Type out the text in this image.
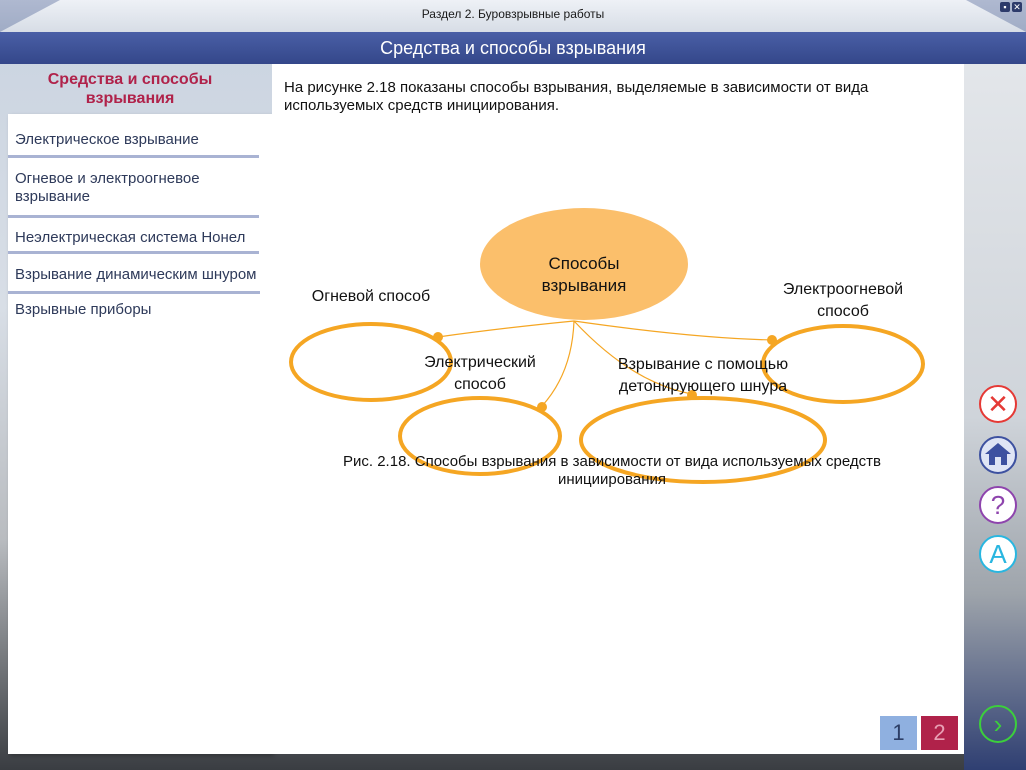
Раздел 2. Буровзрывные работы	▪ ✕
Средства и способы взрывания
Средства и способы взрывания
Электрическое взрывание
Огневое и электроогневое взрывание
Неэлектрическая система Нонел
Взрывание динамическим шнуром
Взрывные приборы
На рисунке 2.18 показаны способы взрывания, выделяемые в зависимости от вида используемых средств инициирования.
Способы взрывания
Огневой способ
Электрический способ
Взрывание с помощью детонирующего шнура
Электроогневой способ
Рис. 2.18. Способы взрывания в зависимости от вида используемых средств инициирования
✕
?
A
›
1	2
